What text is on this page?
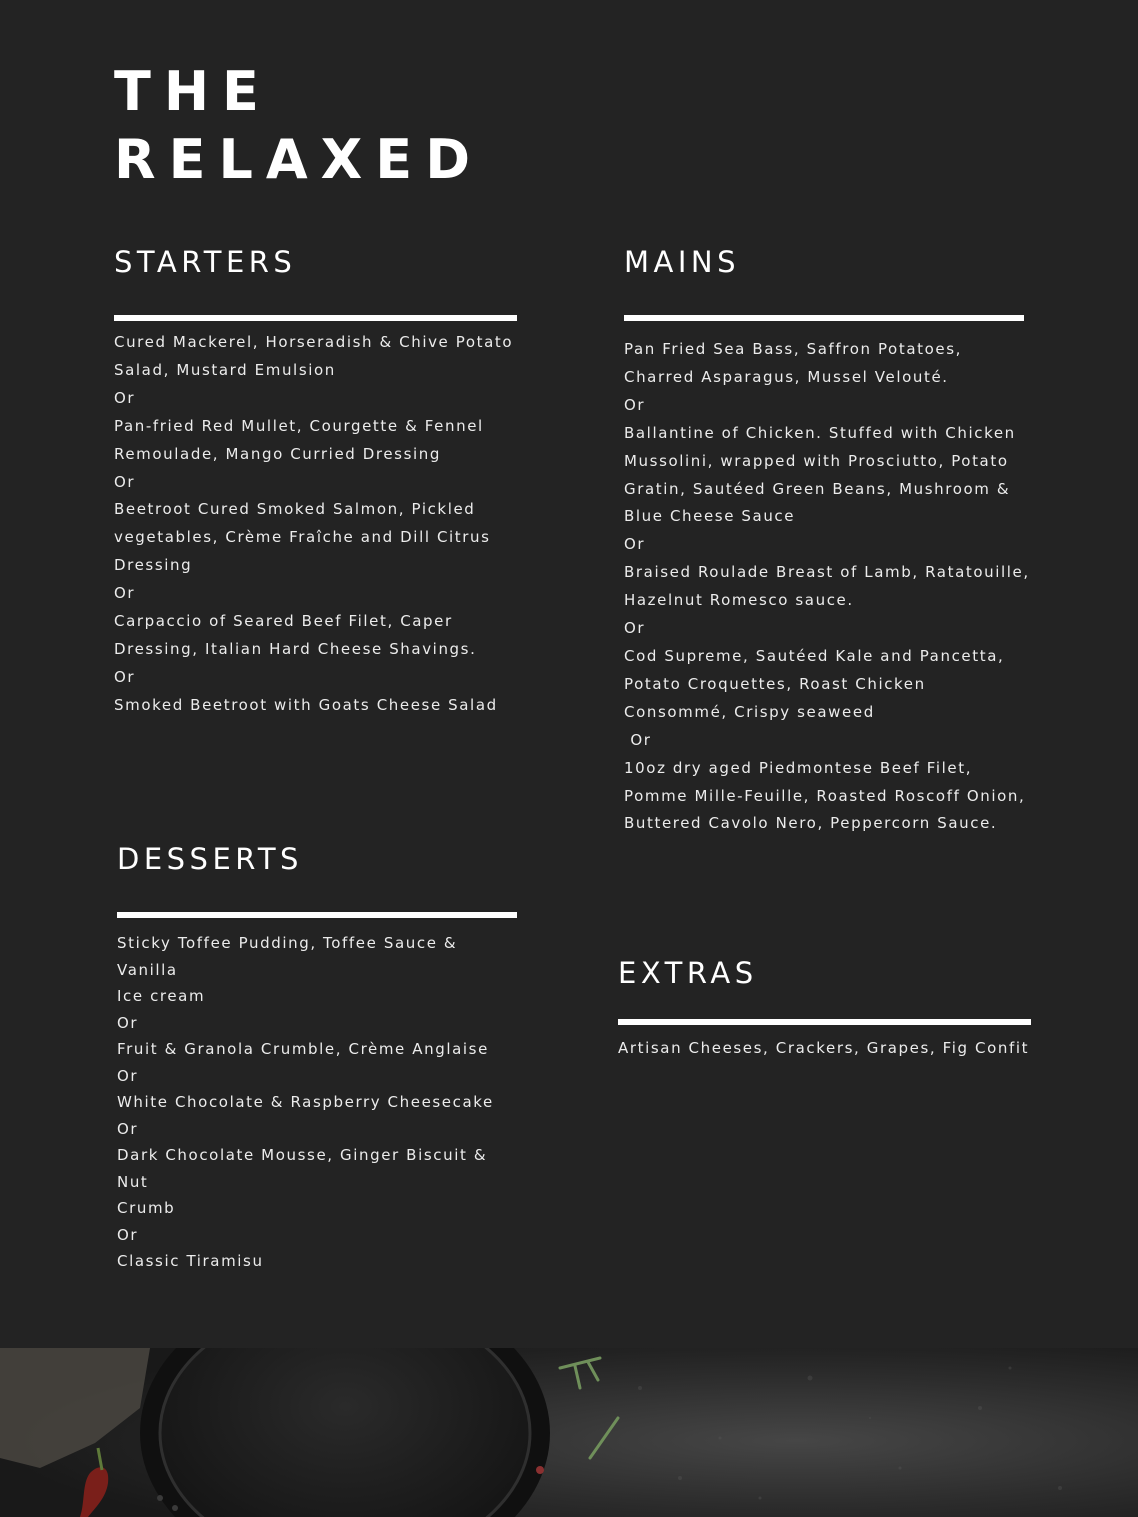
THE
RELAXED
STARTERS
Cured Mackerel, Horseradish & Chive Potato
Salad, Mustard Emulsion
Or
Pan-fried Red Mullet, Courgette & Fennel
Remoulade, Mango Curried Dressing
Or
Beetroot Cured Smoked Salmon, Pickled
vegetables, Crème Fraîche and Dill Citrus
Dressing
Or
Carpaccio of Seared Beef Filet, Caper
Dressing, Italian Hard Cheese Shavings.
Or
Smoked Beetroot with Goats Cheese Salad
MAINS
Pan Fried Sea Bass, Saffron Potatoes,
Charred Asparagus, Mussel Velouté.
Or
Ballantine of Chicken. Stuffed with Chicken
Mussolini, wrapped with Prosciutto, Potato
Gratin, Sautéed Green Beans, Mushroom &
Blue Cheese Sauce
Or
Braised Roulade Breast of Lamb, Ratatouille,
Hazelnut Romesco sauce.
Or
Cod Supreme, Sautéed Kale and Pancetta,
Potato Croquettes, Roast Chicken
Consommé, Crispy seaweed
Or
10oz dry aged Piedmontese Beef Filet,
Pomme Mille-Feuille, Roasted Roscoff Onion,
Buttered Cavolo Nero, Peppercorn Sauce.
DESSERTS
Sticky Toffee Pudding, Toffee Sauce & Vanilla
Ice cream
Or
Fruit & Granola Crumble, Crème Anglaise
Or
White Chocolate & Raspberry Cheesecake
Or
Dark Chocolate Mousse, Ginger Biscuit & Nut
Crumb
Or
Classic Tiramisu
EXTRAS
Artisan Cheeses, Crackers, Grapes, Fig Confit
